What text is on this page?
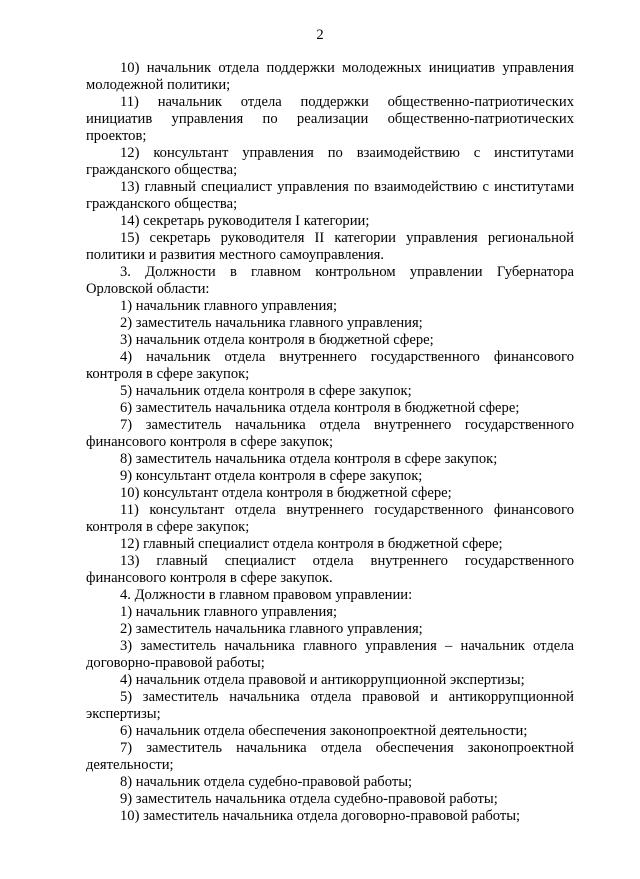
2

10) начальник отдела поддержки молодежных инициатив управления молодежной политики;

11) начальник отдела поддержки общественно-патриотических инициатив управления по реализации общественно-патриотических проектов;

12) консультант управления по взаимодействию с институтами гражданского общества;

13) главный специалист управления по взаимодействию с институтами гражданского общества;

14) секретарь руководителя I категории;

15) секретарь руководителя II категории управления региональной политики и развития местного самоуправления.

3. Должности в главном контрольном управлении Губернатора Орловской области:

1) начальник главного управления;

2) заместитель начальника главного управления;

3) начальник отдела контроля в бюджетной сфере;

4) начальник отдела внутреннего государственного финансового контроля в сфере закупок;

5) начальник отдела контроля в сфере закупок;

6) заместитель начальника отдела контроля в бюджетной сфере;

7) заместитель начальника отдела внутреннего государственного финансового контроля в сфере закупок;

8) заместитель начальника отдела контроля в сфере закупок;

9) консультант отдела контроля в сфере закупок;

10) консультант отдела контроля в бюджетной сфере;

11) консультант отдела внутреннего государственного финансового контроля в сфере закупок;

12) главный специалист отдела контроля в бюджетной сфере;

13) главный специалист отдела внутреннего государственного финансового контроля в сфере закупок.

4. Должности в главном правовом управлении:

1) начальник главного управления;

2) заместитель начальника главного управления;

3) заместитель начальника главного управления – начальник отдела договорно-правовой работы;

4) начальник отдела правовой и антикоррупционной экспертизы;

5) заместитель начальника отдела правовой и антикоррупционной экспертизы;

6) начальник отдела обеспечения законопроектной деятельности;

7) заместитель начальника отдела обеспечения законопроектной деятельности;

8) начальник отдела судебно-правовой работы;

9) заместитель начальника отдела судебно-правовой работы;

10) заместитель начальника отдела договорно-правовой работы;
